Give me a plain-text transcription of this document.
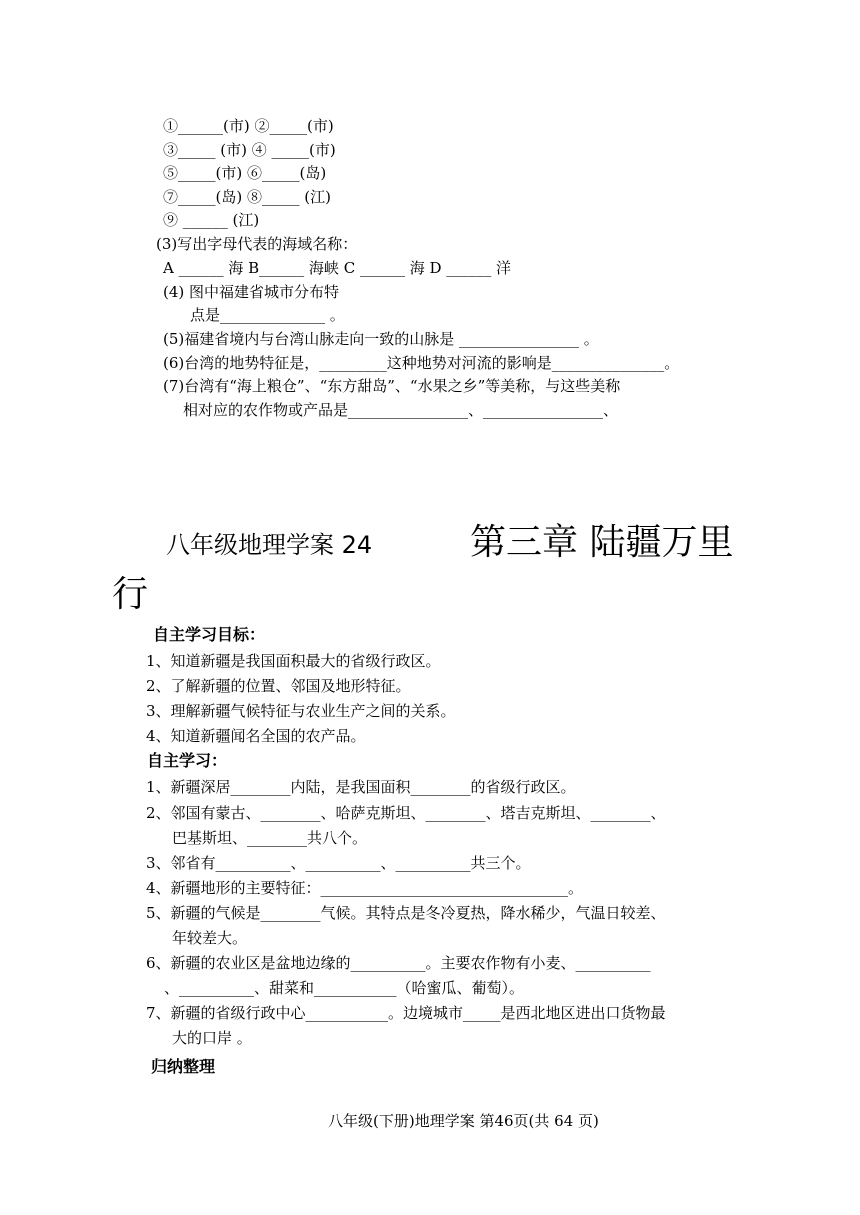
①______(市) ②_____(市)
③_____ (市) ④ _____(市)
⑤_____(市) ⑥_____(岛)
⑦_____(岛) ⑧_____ (江)
⑨ ______ (江)
(3)写出字母代表的海域名称：
A ______ 海 B______ 海峡 C ______ 海 D ______ 洋
(4) 图中福建省城市分布特
点是______________ 。
(5)福建省境内与台湾山脉走向一致的山脉是 ________________ 。
(6)台湾的地势特征是，_________这种地势对河流的影响是_______________。
(7)台湾有“海上粮仓”、“东方甜岛”、“水果之乡”等美称，与这些美称
相对应的农作物或产品是________________、________________、
八年级地理学案 24	第三章 陆疆万里
行
自主学习目标：
1、知道新疆是我国面积最大的省级行政区。
2、了解新疆的位置、邻国及地形特征。
3、理解新疆气候特征与农业生产之间的关系。
4、知道新疆闻名全国的农产品。
自主学习：
1、新疆深居________内陆，是我国面积________的省级行政区。
2、邻国有蒙古、________、哈萨克斯坦、________、塔吉克斯坦、________、
巴基斯坦、________共八个。
3、邻省有__________、__________、__________共三个。
4、新疆地形的主要特征：_________________________________。
5、新疆的气候是________气候。其特点是冬冷夏热，降水稀少，气温日较差、
年较差大。
6、新疆的农业区是盆地边缘的__________。主要农作物有小麦、__________
、__________、甜菜和___________（哈蜜瓜、葡萄）。
7、新疆的省级行政中心___________。边境城市_____是西北地区进出口货物最
大的口岸 。
归纳整理
八年级(下册)地理学案 第46页(共 64 页)
